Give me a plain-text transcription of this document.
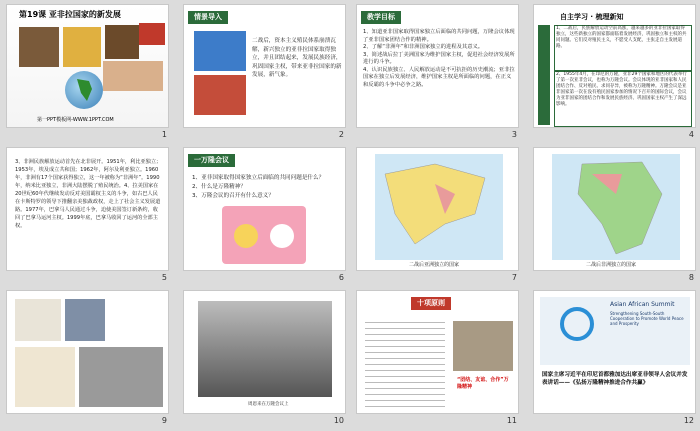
第19课 亚非拉国家的新发展
第一PPT模板网-WWW.1PPT.COM
1
情景导入
二战后，资本主义殖民体系崩溃瓦解，新兴独立的亚非拉国家取得独立，并且团结起来，发展民族经济，巩固国家主权，带来亚非拉国家的新发展，新气象。
2
教学目标
1、知道亚非国家取得国家独立后面临的共同问题，万隆会议体现了亚非国家团结合作的精神。
2、了解“非洲年”和非洲国家独立的进程及其意义。
3、简述战后拉丁美洲国家为维护国家主权，促进社会经济发展所进行的斗争。
4、认识民族独立、人民解放运动是不可抗拒的历史潮流；亚非拉国家在独立后发展经济，维护国家主权是所面临的问题，在正义和反霸的斗争中必争之路。
3
自主学习 · 梳理新知
1、二战后，民族解放运动空前高涨，越来越多的亚非拉国家取得独立，这些新独立的国家都面临着发展经济，巩固独立和主权的共同问题。它们反对殖民主义，不愿受人支配，主张走自主发展道路。
2、1955年4月，在印尼的万隆，亚非29个国家和地区的代表举行了第一次亚非会议，也称为万隆会议。会议体现的亚非国家和人民团结合作、反对殖民、求同存异，被称为万隆精神。万隆会议是亚非国家第一次在没有殖民国家参加的情况下召开的国际会议，会议为亚非国家的团结合作和发展民族经济、巩固国家主权产生了深远影响。
4
3、非洲民族解放运动首先在北非展开。1951年，利比亚独立；1953年，埃及成立共和国；1962年，阿尔及利亚独立。1960年，非洲有17个国家获得独立，这一年被称为“非洲年”。1990年，纳米比亚独立，非洲大陆摆脱了殖民统治。4、拉美国家在20世纪60年代继续发动反对美国霸权主义的斗争，如古巴人民在卡斯特罗的领导下推翻亲美独裁政权，走上了社会主义发展道路。1977年，巴拿马人民通过斗争，迫使美国签订新条约，收回了巴拿马运河主权。1999年底，巴拿马收回了运河的全部主权。
5
一万隆会议
1、亚非国家取得国家独立后面临的共同问题是什么？
2、什么是万隆精神？
3、万隆会议的召开有什么意义？
6
二战后亚洲独立的国家
7
二战后非洲独立的国家
8
9
周恩来在万隆会议上
10
十项原则
“团结、友谊、合作”万隆精神
11
Asian African Summit
Strengthening South-South Cooperation to Promote World Peace and Prosperity
国家主席习近平在印尼首都雅加达出席亚非领导人会议并发表讲话——《弘扬万隆精神推进合作共赢》
12
